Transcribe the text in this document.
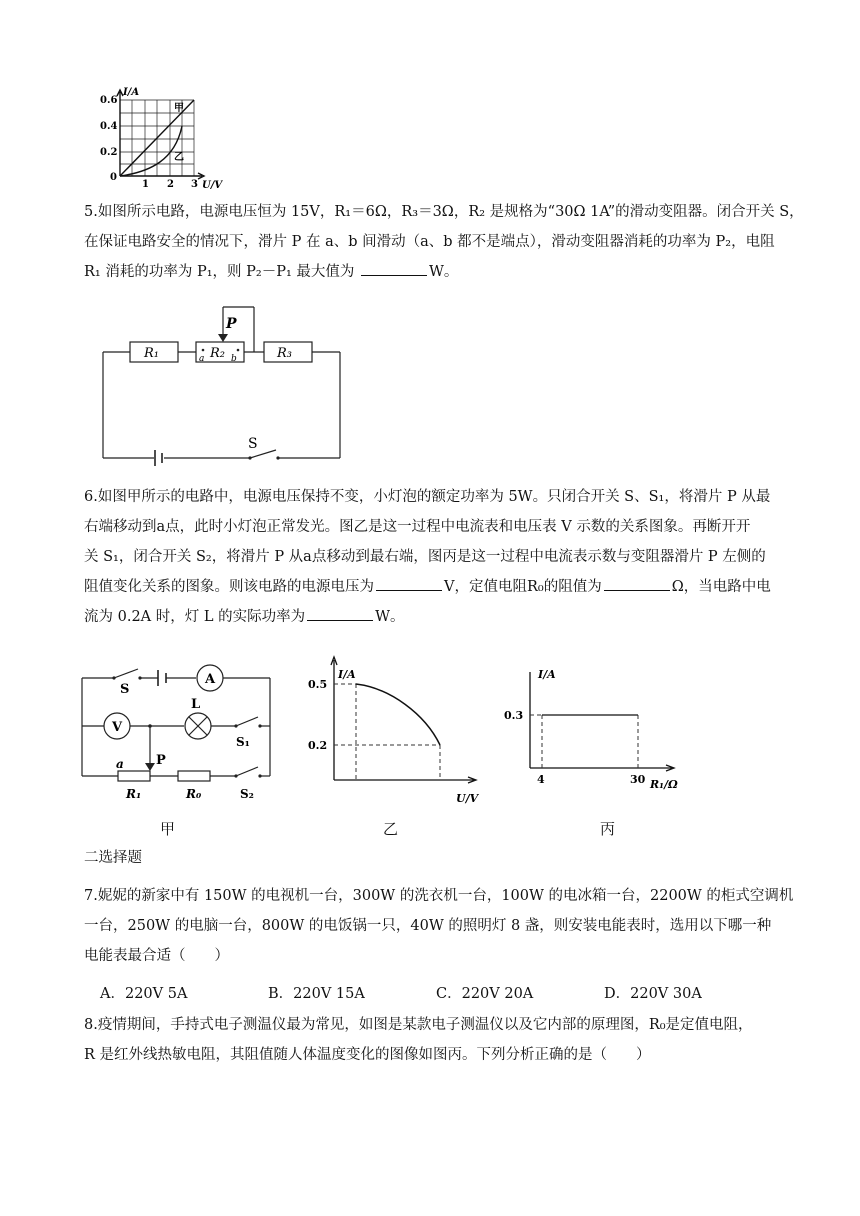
I/A
U/V
0.6
0.4
0.2
0
1 2 3
甲
乙
5.如图所示电路，电源电压恒为 15V，R₁＝6Ω，R₃＝3Ω，R₂ 是规格为“30Ω 1A”的滑动变阻器。闭合开关 S，
在保证电路安全的情况下，滑片 P 在 a、b 间滑动（a、b 都不是端点），滑动变阻器消耗的功率为 P₂，电阻
R₁ 消耗的功率为 P₁，则 P₂－P₁ 最大值为	W。
R₁	R₂	R₃
P
a	b
S
6.如图甲所示的电路中，电源电压保持不变，小灯泡的额定功率为 5W。只闭合开关 S、S₁，将滑片 P 从最
右端移动到a点，此时小灯泡正常发光。图乙是这一过程中电流表和电压表 V 示数的关系图象。再断开开
关 S₁，闭合开关 S₂，将滑片 P 从a点移动到最右端，图丙是这一过程中电流表示数与变阻器滑片 P 左侧的
阻值变化关系的图象。则该电路的电源电压为	V，定值电阻R₀的阻值为	Ω，当电路中电
流为 0.2A 时，灯 L 的实际功率为	W。
S
A
V
L
S₁
S₂
P
a
R₁	R₀
I/A
U/V
0.5
0.2
I/A
R₁/Ω
0.3
4	30
甲	乙	丙
二选择题
7.妮妮的新家中有 150W 的电视机一台，300W 的洗衣机一台，100W 的电冰箱一台，2200W 的柜式空调机
一台，250W 的电脑一台，800W 的电饭锅一只，40W 的照明灯 8 盏，则安装电能表时，选用以下哪一种
电能表最合适（　　）
A．220V 5A	B．220V 15A	C．220V 20A	D．220V 30A
8.疫情期间，手持式电子测温仪最为常见，如图是某款电子测温仪以及它内部的原理图，R₀是定值电阻，
R 是红外线热敏电阻，其阻值随人体温度变化的图像如图丙。下列分析正确的是（　　）
